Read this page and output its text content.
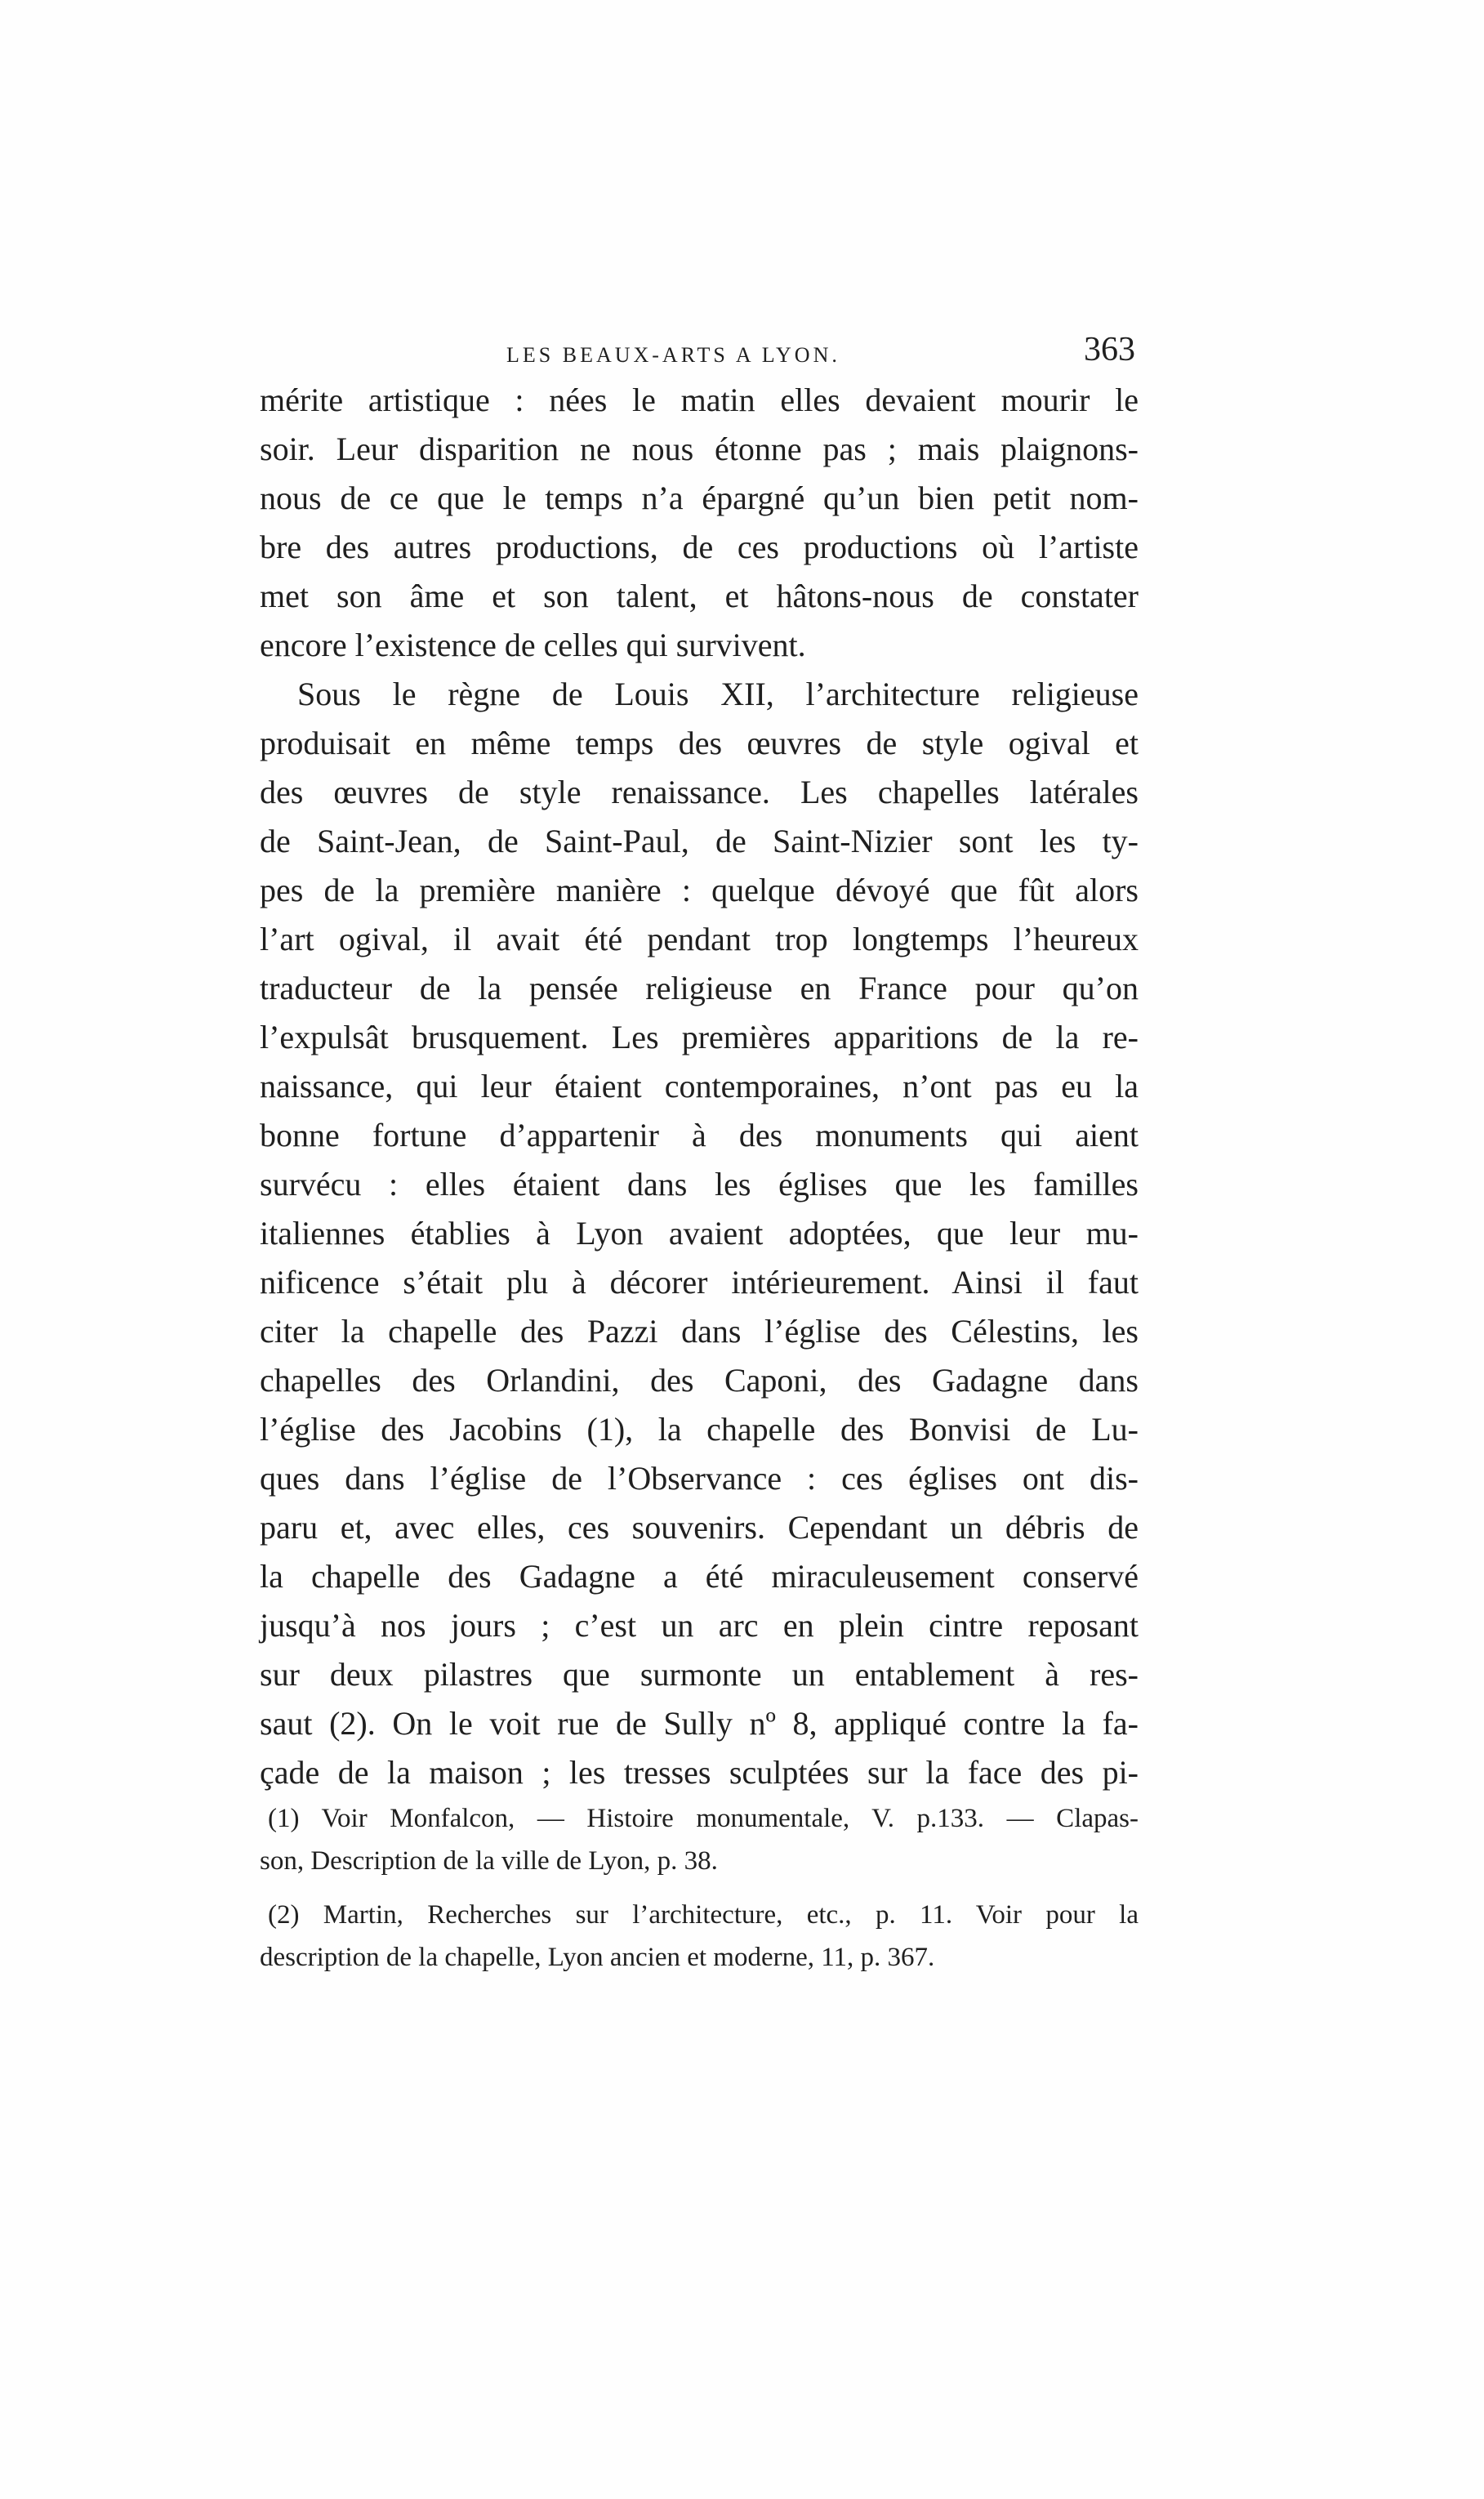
LES BEAUX-ARTS A LYON.	363
mérite artistique : nées le matin elles devaient mourir le
soir. Leur disparition ne nous étonne pas ; mais plaignons-
nous de ce que le temps n’a épargné qu’un bien petit nom-
bre des autres productions, de ces productions où l’artiste
met son âme et son talent, et hâtons-nous de constater
encore l’existence de celles qui survivent.
Sous le règne de Louis XII, l’architecture religieuse
produisait en même temps des œuvres de style ogival et
des œuvres de style renaissance. Les chapelles latérales
de Saint-Jean, de Saint-Paul, de Saint-Nizier sont les ty-
pes de la première manière : quelque dévoyé que fût alors
l’art ogival, il avait été pendant trop longtemps l’heureux
traducteur de la pensée religieuse en France pour qu’on
l’expulsât brusquement. Les premières apparitions de la re-
naissance, qui leur étaient contemporaines, n’ont pas eu la
bonne fortune d’appartenir à des monuments qui aient
survécu : elles étaient dans les églises que les familles
italiennes établies à Lyon avaient adoptées, que leur mu-
nificence s’était plu à décorer intérieurement. Ainsi il faut
citer la chapelle des Pazzi dans l’église des Célestins, les
chapelles des Orlandini, des Caponi, des Gadagne dans
l’église des Jacobins (1), la chapelle des Bonvisi de Lu-
ques dans l’église de l’Observance : ces églises ont dis-
paru et, avec elles, ces souvenirs. Cependant un débris de
la chapelle des Gadagne a été miraculeusement conservé
jusqu’à nos jours ; c’est un arc en plein cintre reposant
sur deux pilastres que surmonte un entablement à res-
saut (2). On le voit rue de Sully nº 8, appliqué contre la fa-
çade de la maison ; les tresses sculptées sur la face des pi-
(1) Voir Monfalcon, — Histoire monumentale, V. p.133. — Clapas-
son, Description de la ville de Lyon, p. 38.
(2) Martin, Recherches sur l’architecture, etc., p. 11. Voir pour la
description de la chapelle, Lyon ancien et moderne, 11, p. 367.
